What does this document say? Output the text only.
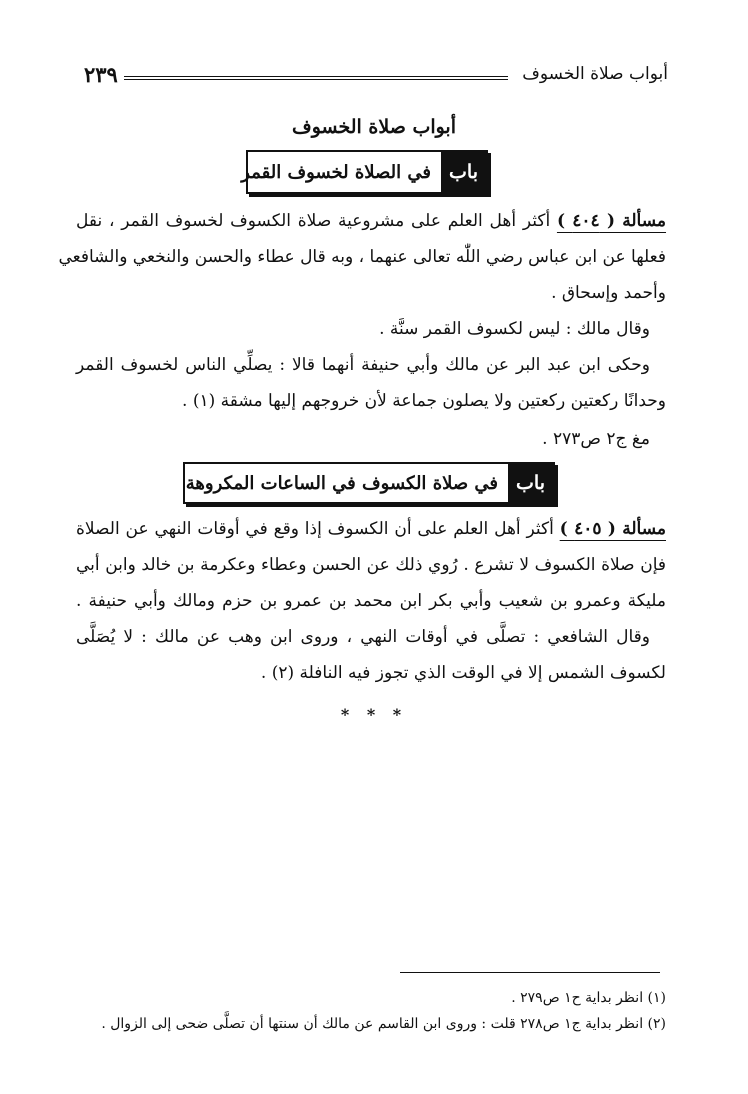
أبواب صلاة الخسوف
٢٣٩
أبواب صلاة الخسوف
باب
في الصلاة لخسوف القمر
مسألة ( ٤٠٤ ) أكثر أهل العلم على مشروعية صلاة الكسوف لخسوف القمر ، نقل
فعلها عن ابن عباس رضي اللّٰه تعالى عنهما ، وبه قال عطاء والحسن والنخعي والشافعي
وأحمد وإسحاق .
وقال مالك : ليس لكسوف القمر سنَّة .
وحكى ابن عبد البر عن مالك وأبي حنيفة أنهما قالا : يصلِّي الناس لخسوف القمر
وحدانًا ركعتين ركعتين ولا يصلون جماعة لأن خروجهم إليها مشقة (١) .
مغ ج٢ ص٢٧٣ .
باب
في صلاة الكسوف في الساعات المكروهة
مسألة ( ٤٠٥ ) أكثر أهل العلم على أن الكسوف إذا وقع في أوقات النهي عن الصلاة
فإن صلاة الكسوف لا تشرع . رُوي ذلك عن الحسن وعطاء وعكرمة بن خالد وابن أبي
مليكة وعمرو بن شعيب وأبي بكر ابن محمد بن عمرو بن حزم ومالك وأبي حنيفة .
وقال الشافعي : تصلَّى في أوقات النهي ، وروى ابن وهب عن مالك : لا يُصَلَّى
لكسوف الشمس إلا في الوقت الذي تجوز فيه النافلة (٢) .
* * *
(١) انظر بداية ح١ ص٢٧٩ .
(٢) انظر بداية ج١ ص٢٧٨ قلت : وروى ابن القاسم عن مالك أن سنتها أن تصلَّى ضحى إلى الزوال .
